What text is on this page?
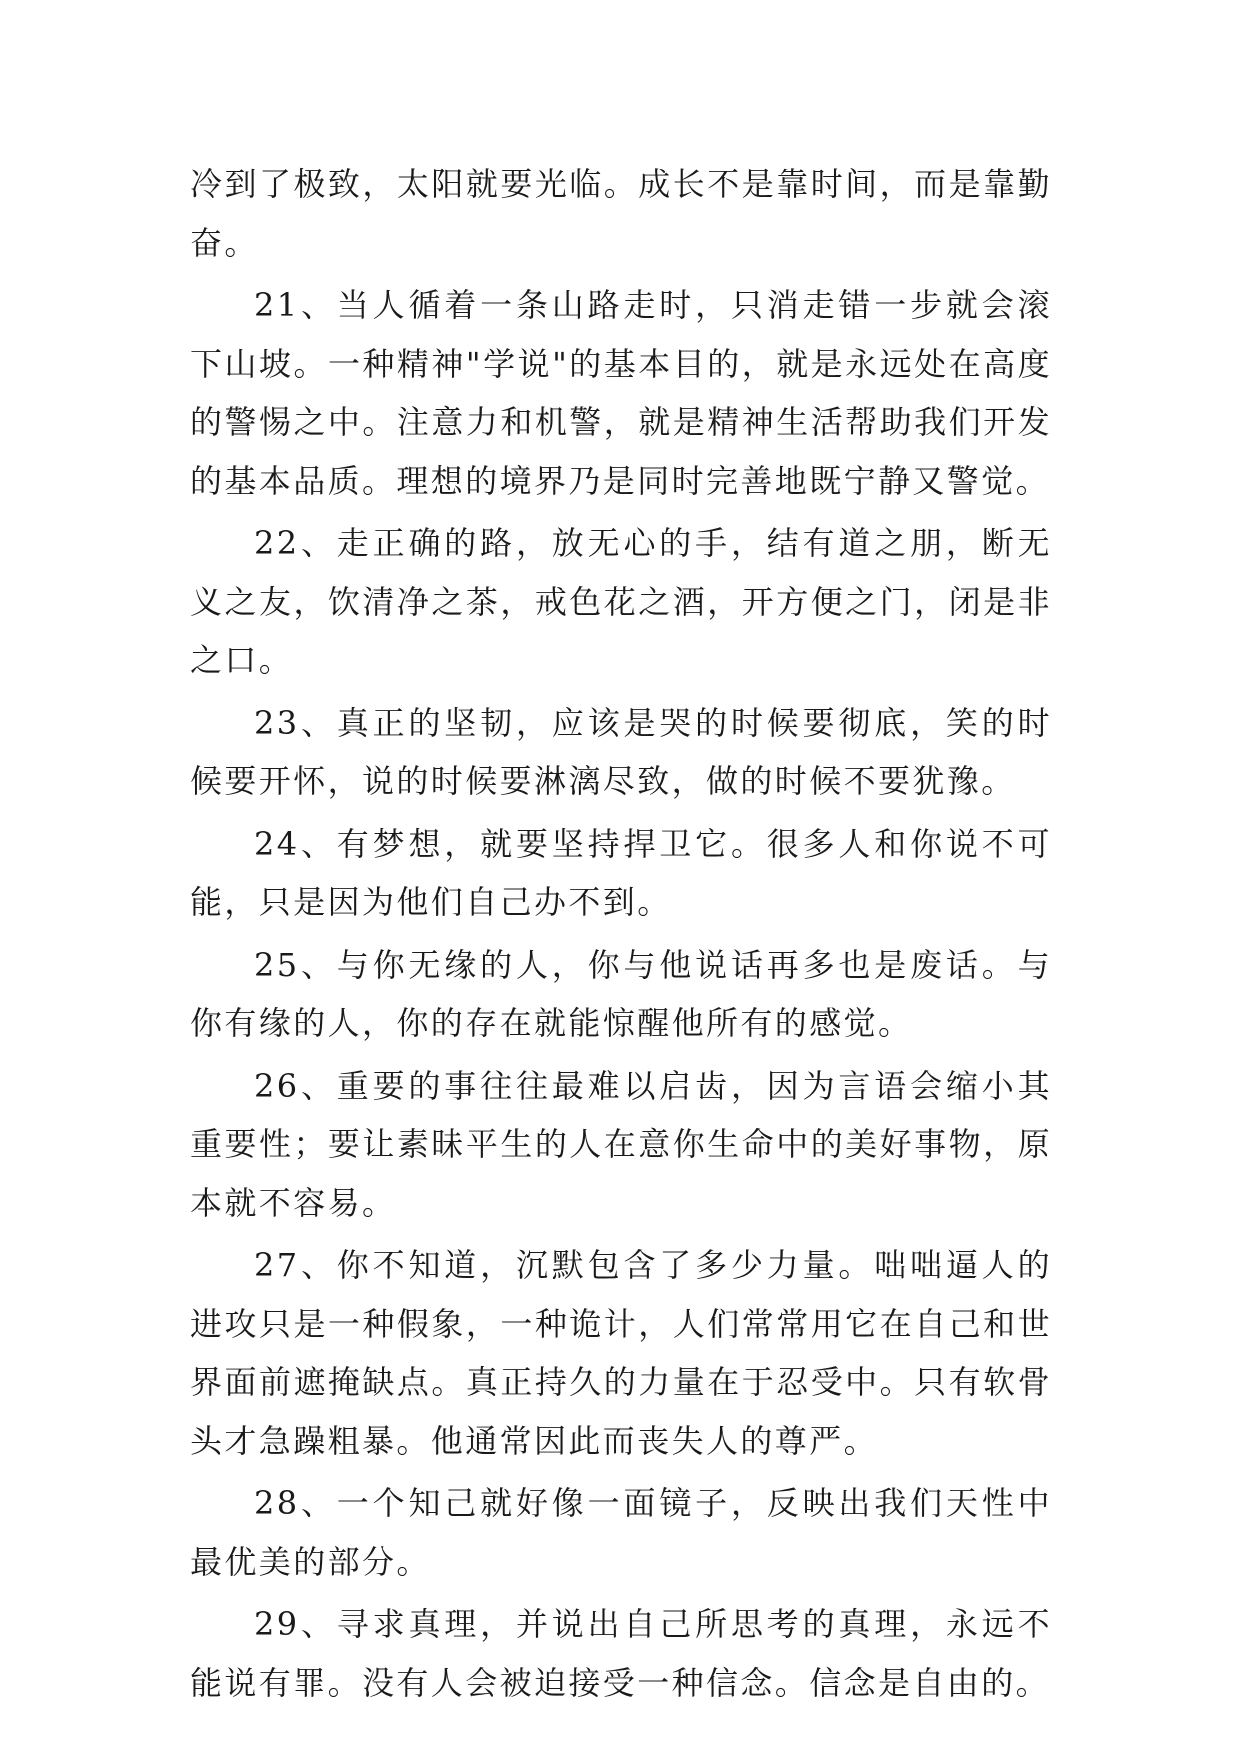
冷到了极致，太阳就要光临。成长不是靠时间，而是靠勤奋。

21、当人循着一条山路走时，只消走错一步就会滚下山坡。一种精神"学说"的基本目的，就是永远处在高度的警惕之中。注意力和机警，就是精神生活帮助我们开发的基本品质。理想的境界乃是同时完善地既宁静又警觉。

22、走正确的路，放无心的手，结有道之朋，断无义之友，饮清净之茶，戒色花之酒，开方便之门，闭是非之口。

23、真正的坚韧，应该是哭的时候要彻底，笑的时候要开怀，说的时候要淋漓尽致，做的时候不要犹豫。

24、有梦想，就要坚持捍卫它。很多人和你说不可能，只是因为他们自己办不到。

25、与你无缘的人，你与他说话再多也是废话。与你有缘的人，你的存在就能惊醒他所有的感觉。

26、重要的事往往最难以启齿，因为言语会缩小其重要性；要让素昧平生的人在意你生命中的美好事物，原本就不容易。

27、你不知道，沉默包含了多少力量。咄咄逼人的进攻只是一种假象，一种诡计，人们常常用它在自己和世界面前遮掩缺点。真正持久的力量在于忍受中。只有软骨头才急躁粗暴。他通常因此而丧失人的尊严。

28、一个知己就好像一面镜子，反映出我们天性中最优美的部分。

29、寻求真理，并说出自己所思考的真理，永远不能说有罪。没有人会被迫接受一种信念。信念是自由的。
